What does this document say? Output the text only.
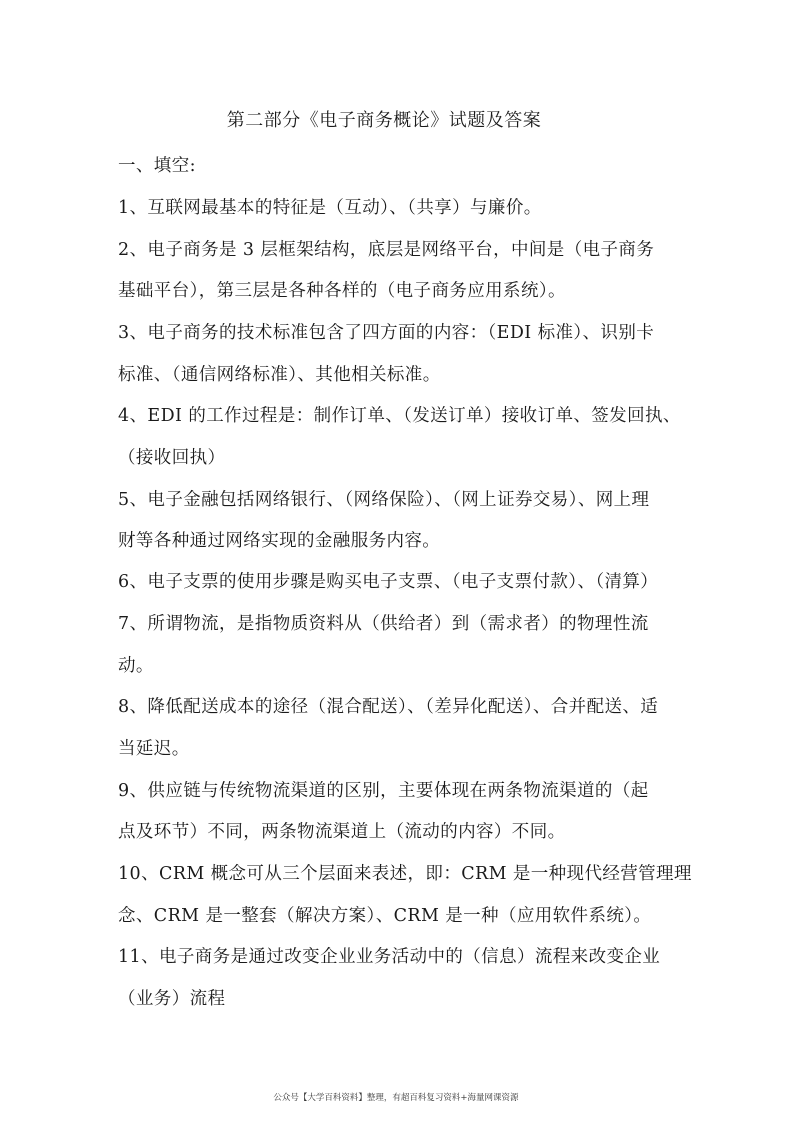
第二部分《电子商务概论》试题及答案
一、填空:
1、互联网最基本的特征是（互动）、（共享）与廉价。
2、电子商务是 3 层框架结构，底层是网络平台，中间是（电子商务
基础平台），第三层是各种各样的（电子商务应用系统）。
3、电子商务的技术标准包含了四方面的内容：（EDI 标准）、识别卡
标准、（通信网络标准）、其他相关标准。
4、EDI 的工作过程是：制作订单、（发送订单）接收订单、签发回执、
（接收回执）
5、电子金融包括网络银行、（网络保险）、（网上证券交易）、网上理
财等各种通过网络实现的金融服务内容。
6、电子支票的使用步骤是购买电子支票、（电子支票付款）、（清算）
7、所谓物流，是指物质资料从（供给者）到（需求者）的物理性流
动。
8、降低配送成本的途径（混合配送）、（差异化配送）、合并配送、适
当延迟。
9、供应链与传统物流渠道的区别，主要体现在两条物流渠道的（起
点及环节）不同，两条物流渠道上（流动的内容）不同。
10、CRM 概念可从三个层面来表述，即：CRM 是一种现代经营管理理
念、CRM 是一整套（解决方案）、CRM 是一种（应用软件系统）。
11、电子商务是通过改变企业业务活动中的（信息）流程来改变企业
（业务）流程
公众号【大学百科资料】整理，有超百科复习资料+海量网课资源
